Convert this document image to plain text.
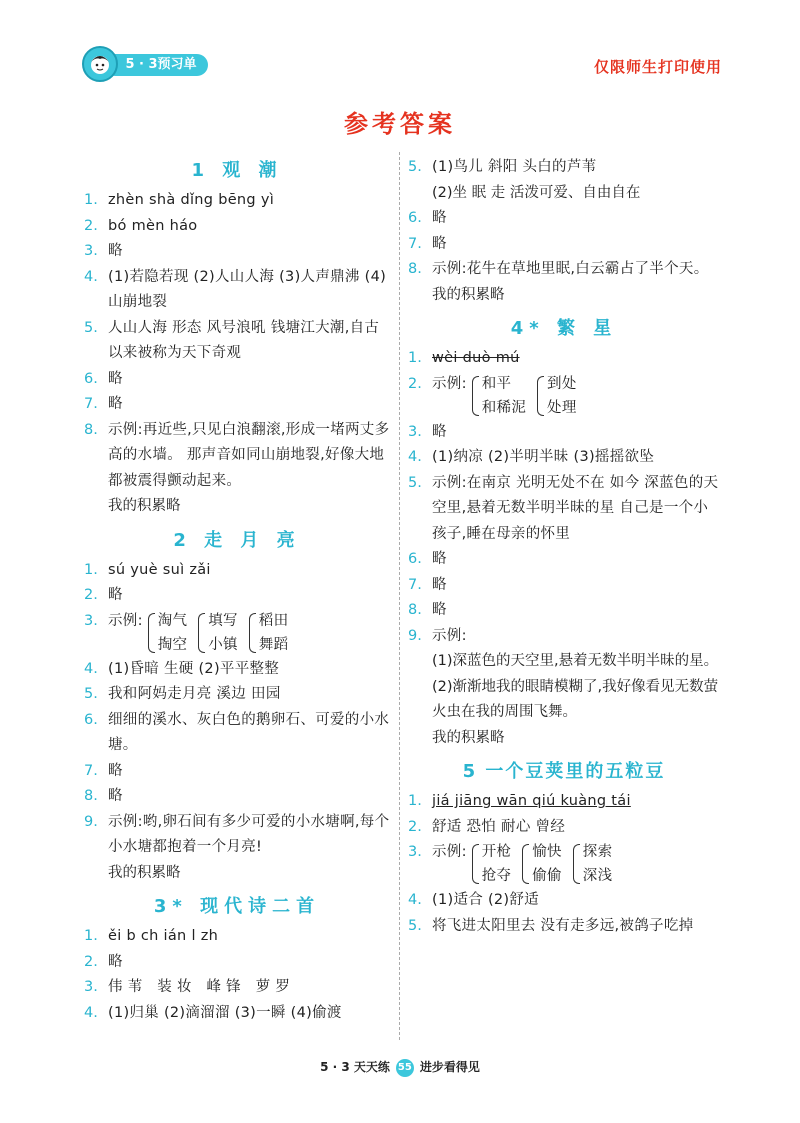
5 · 3预习单	仅限师生打印使用
参考答案
1 观 潮
1. zhèn shà dǐng bēng yì
2. bó mèn háo
3. 略
4. (1)若隐若现 (2)人山人海 (3)人声鼎沸 (4)山崩地裂
5. 人山人海 形态 风号浪吼 钱塘江大潮,自古以来被称为天下奇观
6. 略
7. 略
8. 示例:再近些,只见白浪翻滚,形成一堵两丈多高的水墙。 那声音如同山崩地裂,好像大地都被震得颤动起来。
我的积累略
2 走 月 亮
1. sú yuè suì zǎi
2. 略
3. 示例: 淘气
掏空

填写
小镇

稻田
舞蹈
4. (1)昏暗 生硬 (2)平平整整
5. 我和阿妈走月亮 溪边 田园
6. 细细的溪水、灰白色的鹅卵石、可爱的小水塘。
7. 略
8. 略
9. 示例:哟,卵石间有多少可爱的小水塘啊,每个小水塘都抱着一个月亮!
我的积累略
3* 现代诗二首
1. ěi b ch ián l zh
2. 略
3. 伟 苇   装 妆   峰 锋   萝 罗
4. (1)归巢 (2)滴溜溜 (3)一瞬 (4)偷渡
5. (1)鸟儿 斜阳 头白的芦苇
(2)坐 眠 走 活泼可爱、自由自在
6. 略
7. 略
8. 示例:花牛在草地里眠,白云霸占了半个天。
我的积累略
4* 繁 星
1. wèi duò mú
2. 示例: 和平
和稀泥

到处
处理
3. 略
4. (1)纳凉 (2)半明半昧 (3)摇摇欲坠
5. 示例:在南京 光明无处不在 如今 深蓝色的天空里,悬着无数半明半昧的星 自己是一个小孩子,睡在母亲的怀里
6. 略
7. 略
8. 略
9. 示例:
(1)深蓝色的天空里,悬着无数半明半昧的星。
(2)渐渐地我的眼睛模糊了,我好像看见无数萤火虫在我的周围飞舞。
我的积累略
5 一个豆荚里的五粒豆
1. jiá jiāng wān qiú kuàng tái
2. 舒适 恐怕 耐心 曾经
3. 示例: 开枪
抢夺

愉快
偷偷

探索
深浅
4. (1)适合 (2)舒适
5. 将飞进太阳里去 没有走多远,被鸽子吃掉
5 · 3 天天练 55 进步看得见
